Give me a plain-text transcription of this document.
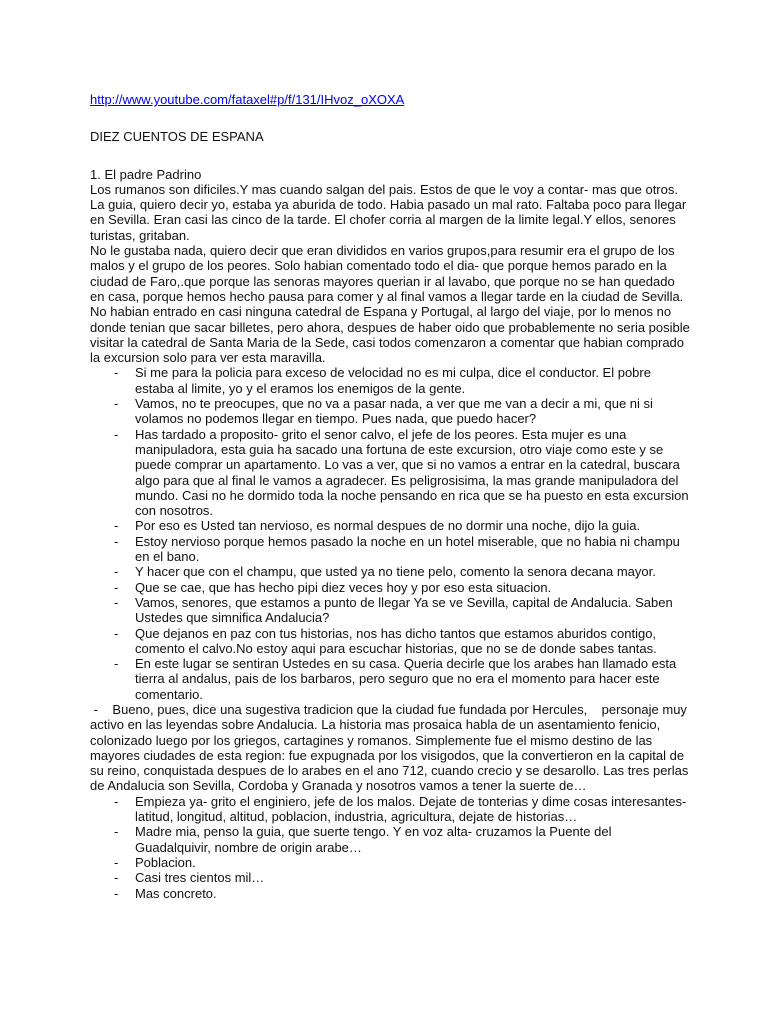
http://www.youtube.com/fataxel#p/f/131/IHvoz_oXOXA
DIEZ CUENTOS DE ESPANA
1. El padre Padrino

Los rumanos son dificiles.Y mas cuando salgan del pais. Estos de que le voy a contar- mas que otros. La guia, quiero decir yo, estaba ya aburida de todo. Habia pasado un mal rato. Faltaba poco para llegar en Sevilla. Eran casi las cinco de la tarde. El chofer corria al margen de la limite legal.Y ellos, senores turistas, gritaban.

No le gustaba nada, quiero decir que eran divididos en varios grupos,para resumir era el grupo de los malos y el grupo de los peores. Solo habian comentado todo el dia- que porque hemos parado en la ciudad de Faro,.que porque las senoras mayores querian ir al lavabo, que porque no se han quedado en casa, porque hemos hecho pausa para comer y al final vamos a llegar tarde en la ciudad de Sevilla. No habian entrado en casi ninguna catedral de Espana y Portugal, al largo del viaje, por lo menos no donde tenian que sacar billetes, pero ahora, despues de haber oido que probablemente no seria posible visitar la catedral de Santa Maria de la Sede, casi todos comenzaron a comentar que habian comprado la excursion solo para ver esta maravilla.

- Si me para la policia para exceso de velocidad no es mi culpa, dice el conductor. El pobre estaba al limite, yo y el eramos los enemigos de la gente.
- Vamos, no te preocupes, que no va a pasar nada, a ver que me van a decir a mi, que ni si volamos no podemos llegar en tiempo. Pues nada, que puedo hacer?
- Has tardado a proposito- grito el senor calvo, el jefe de los peores. Esta mujer es una manipuladora, esta guia ha sacado una fortuna de este excursion, otro viaje como este y se puede comprar un apartamento. Lo vas a ver, que si no vamos a entrar en la catedral, buscara algo para que al final le vamos a agradecer. Es peligrosisima, la mas grande manipuladora del mundo. Casi no he dormido toda la noche pensando en rica que se ha puesto en esta excursion con nosotros.
- Por eso es Usted tan nervioso, es normal despues de no dormir una noche, dijo la guia.
- Estoy nervioso porque hemos pasado la noche en un hotel miserable, que no habia ni champu en el bano.
- Y hacer que con el champu, que usted ya no tiene pelo, comento la senora decana mayor.
- Que se cae, que has hecho pipi diez veces hoy y por eso esta situacion.
- Vamos, senores, que estamos a punto de llegar Ya se ve Sevilla, capital de Andalucia. Saben Ustedes que simnifica Andalucia?
- Que dejanos en paz con tus historias, nos has dicho tantos que estamos aburidos contigo, comento el calvo.No estoy aqui para escuchar historias, que no se de donde sabes tantas.
- En este lugar se sentiran Ustedes en su casa. Queria decirle que los arabes han llamado esta tierra al andalus, pais de los barbaros, pero seguro que no era el momento para hacer este comentario.

-    Bueno, pues, dice una sugestiva tradicion que la ciudad fue fundada por Hercules,    personaje muy activo en las leyendas sobre Andalucia. La historia mas prosaica habla de un asentamiento fenicio, colonizado luego por los griegos, cartagines y romanos. Simplemente fue el mismo destino de las mayores ciudades de esta region: fue expugnada por los visigodos, que la convertieron en la capital de su reino, conquistada despues de lo arabes en el ano 712, cuando crecio y se desarollo. Las tres perlas de Andalucia son Sevilla, Cordoba y Granada y nosotros vamos a tener la suerte de…

- Empieza ya- grito el enginiero, jefe de los malos. Dejate de tonterias y dime cosas interesantes- latitud, longitud, altitud, poblacion, industria, agricultura, dejate de historias…
- Madre mia, penso la guia, que suerte tengo. Y en voz alta- cruzamos la Puente del Guadalquivir, nombre de origin arabe…
- Poblacion.
- Casi tres cientos mil…
- Mas concreto.
